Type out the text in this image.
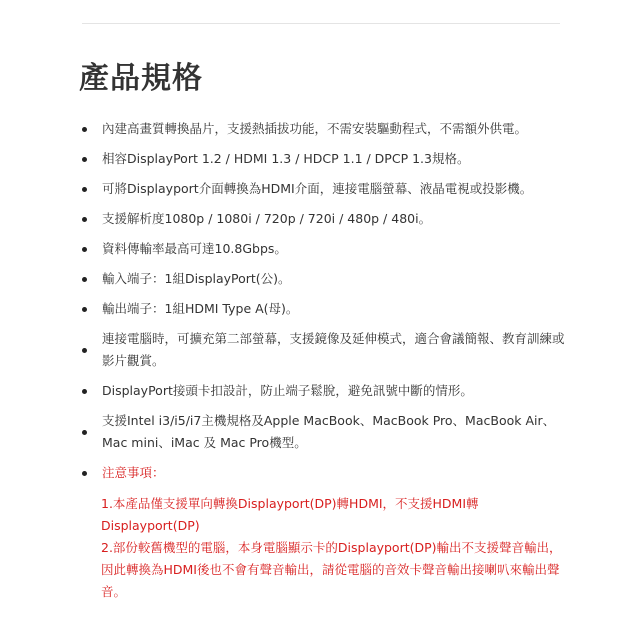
產品規格
內建高畫質轉換晶片，支援熱插拔功能，不需安裝驅動程式，不需額外供電。
相容DisplayPort 1.2 / HDMI 1.3 / HDCP 1.1 / DPCP 1.3規格。
可將Displayport介面轉換為HDMI介面，連接電腦螢幕、液晶電視或投影機。
支援解析度1080p / 1080i / 720p / 720i / 480p / 480i。
資料傳輸率最高可達10.8Gbps。
輸入端子：1組DisplayPort(公)。
輸出端子：1組HDMI Type A(母)。
連接電腦時，可擴充第二部螢幕，支援鏡像及延伸模式，適合會議簡報、教育訓練或影片觀賞。
DisplayPort接頭卡扣設計，防止端子鬆脫，避免訊號中斷的情形。
支援Intel i3/i5/i7主機規格及Apple MacBook、MacBook Pro、MacBook Air、Mac mini、iMac 及 Mac Pro機型。
注意事項：
1.本產品僅支援單向轉換Displayport(DP)轉HDMI，不支援HDMI轉Displayport(DP)
2.部份較舊機型的電腦，本身電腦顯示卡的Displayport(DP)輸出不支援聲音輸出，因此轉換為HDMI後也不會有聲音輸出，請從電腦的音效卡聲音輸出接喇叭來輸出聲音。
